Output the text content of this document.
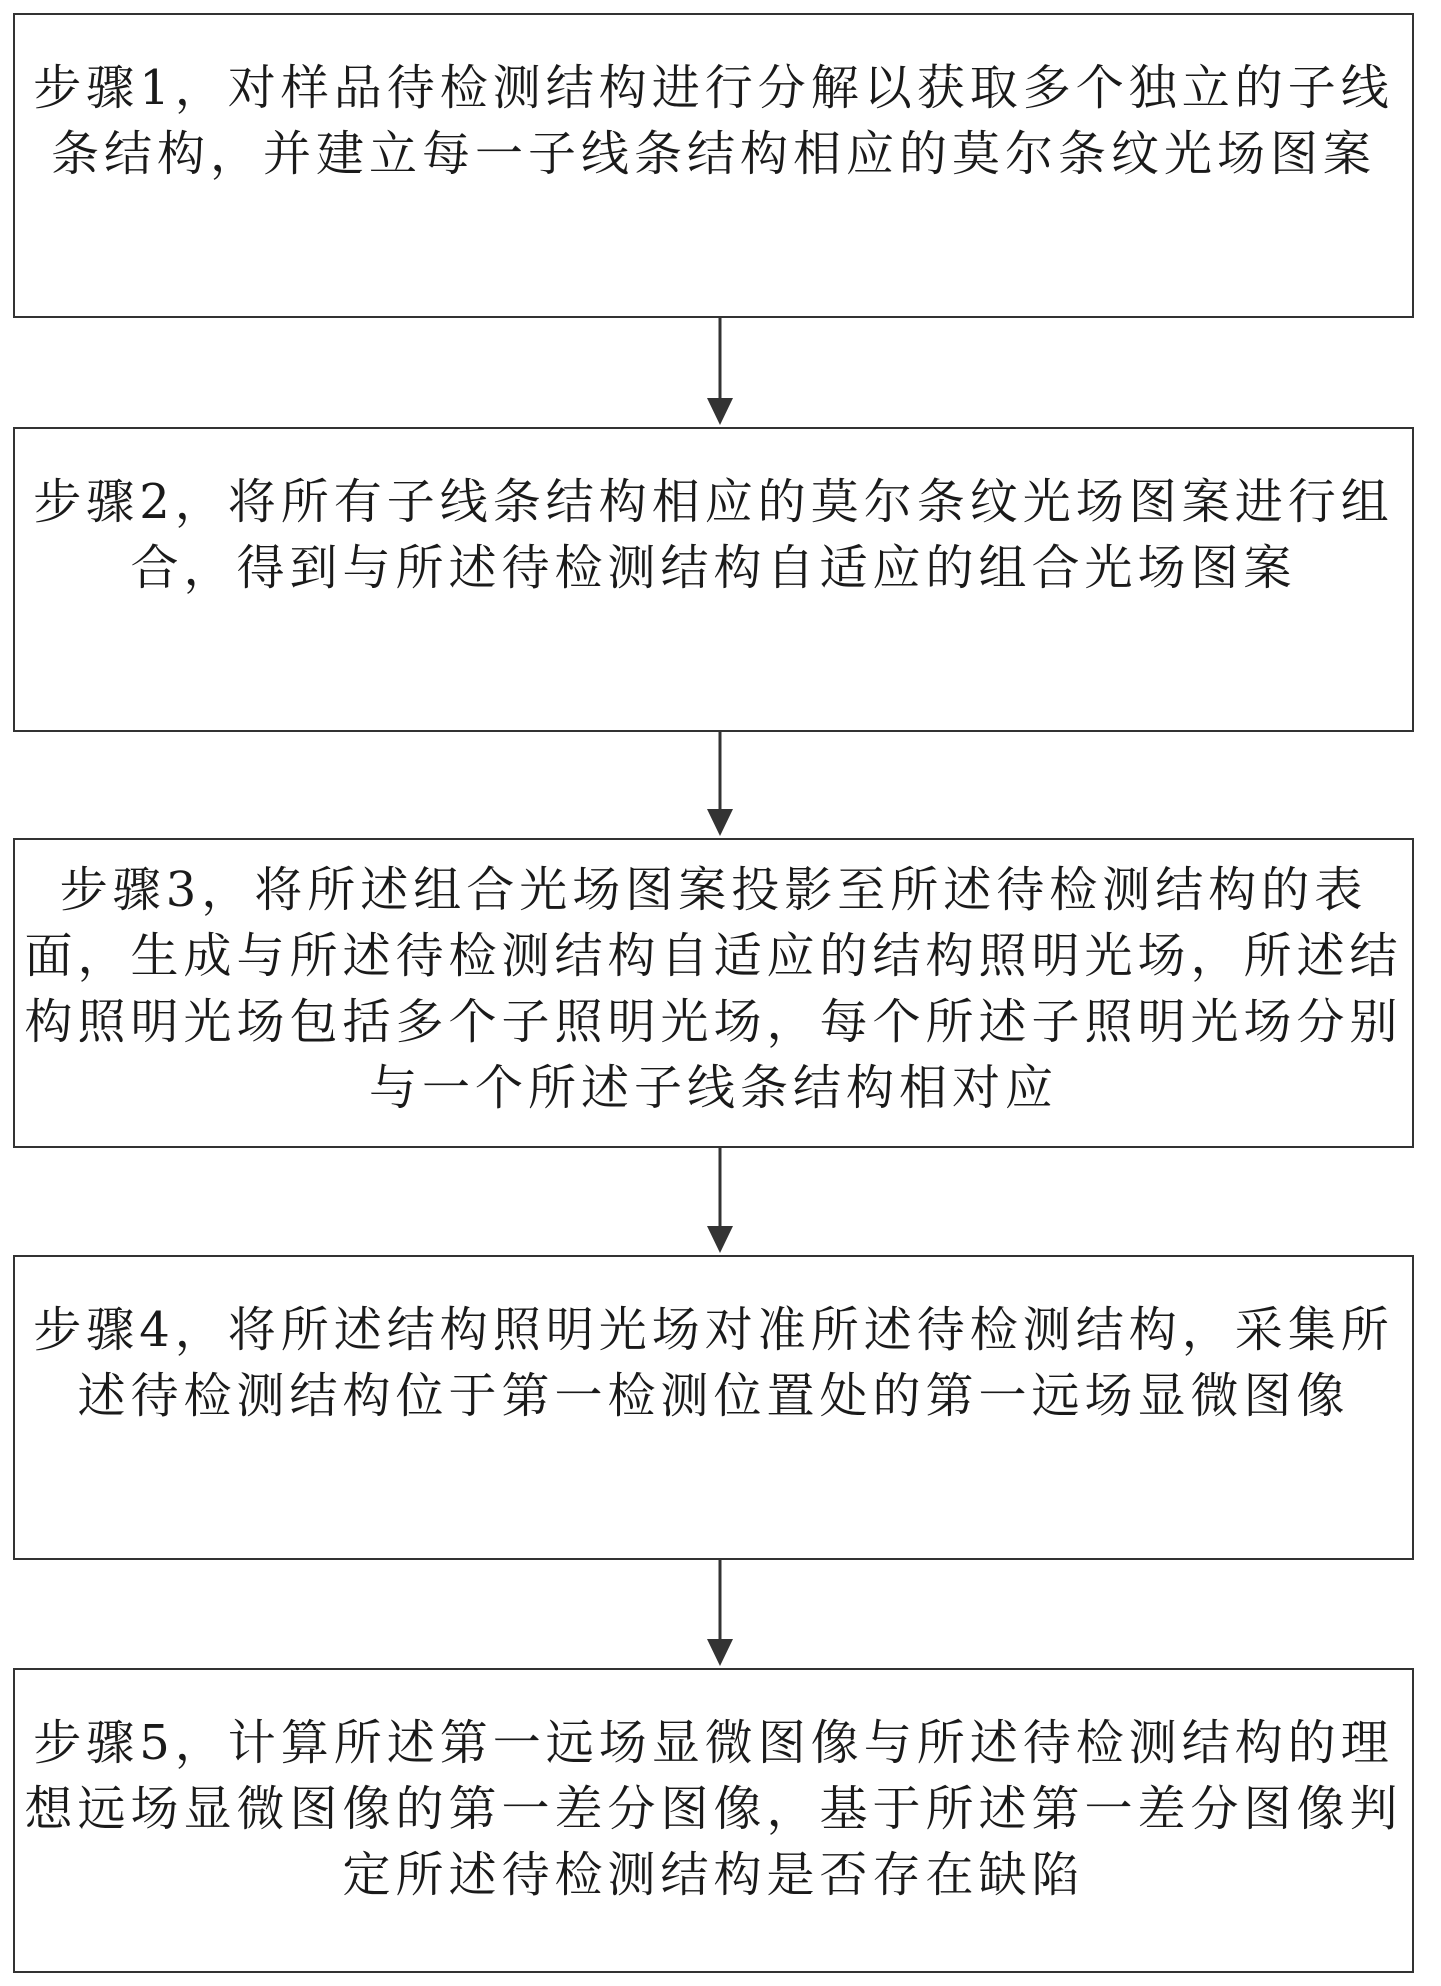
步骤1，对样品待检测结构进行分解以获取多个独立的子线条结构，并建立每一子线条结构相应的莫尔条纹光场图案

步骤2，将所有子线条结构相应的莫尔条纹光场图案进行组合，得到与所述待检测结构自适应的组合光场图案

步骤3，将所述组合光场图案投影至所述待检测结构的表面，生成与所述待检测结构自适应的结构照明光场，所述结构照明光场包括多个子照明光场，每个所述子照明光场分别与一个所述子线条结构相对应

步骤4，将所述结构照明光场对准所述待检测结构，采集所述待检测结构位于第一检测位置处的第一远场显微图像

步骤5，计算所述第一远场显微图像与所述待检测结构的理想远场显微图像的第一差分图像，基于所述第一差分图像判定所述待检测结构是否存在缺陷
